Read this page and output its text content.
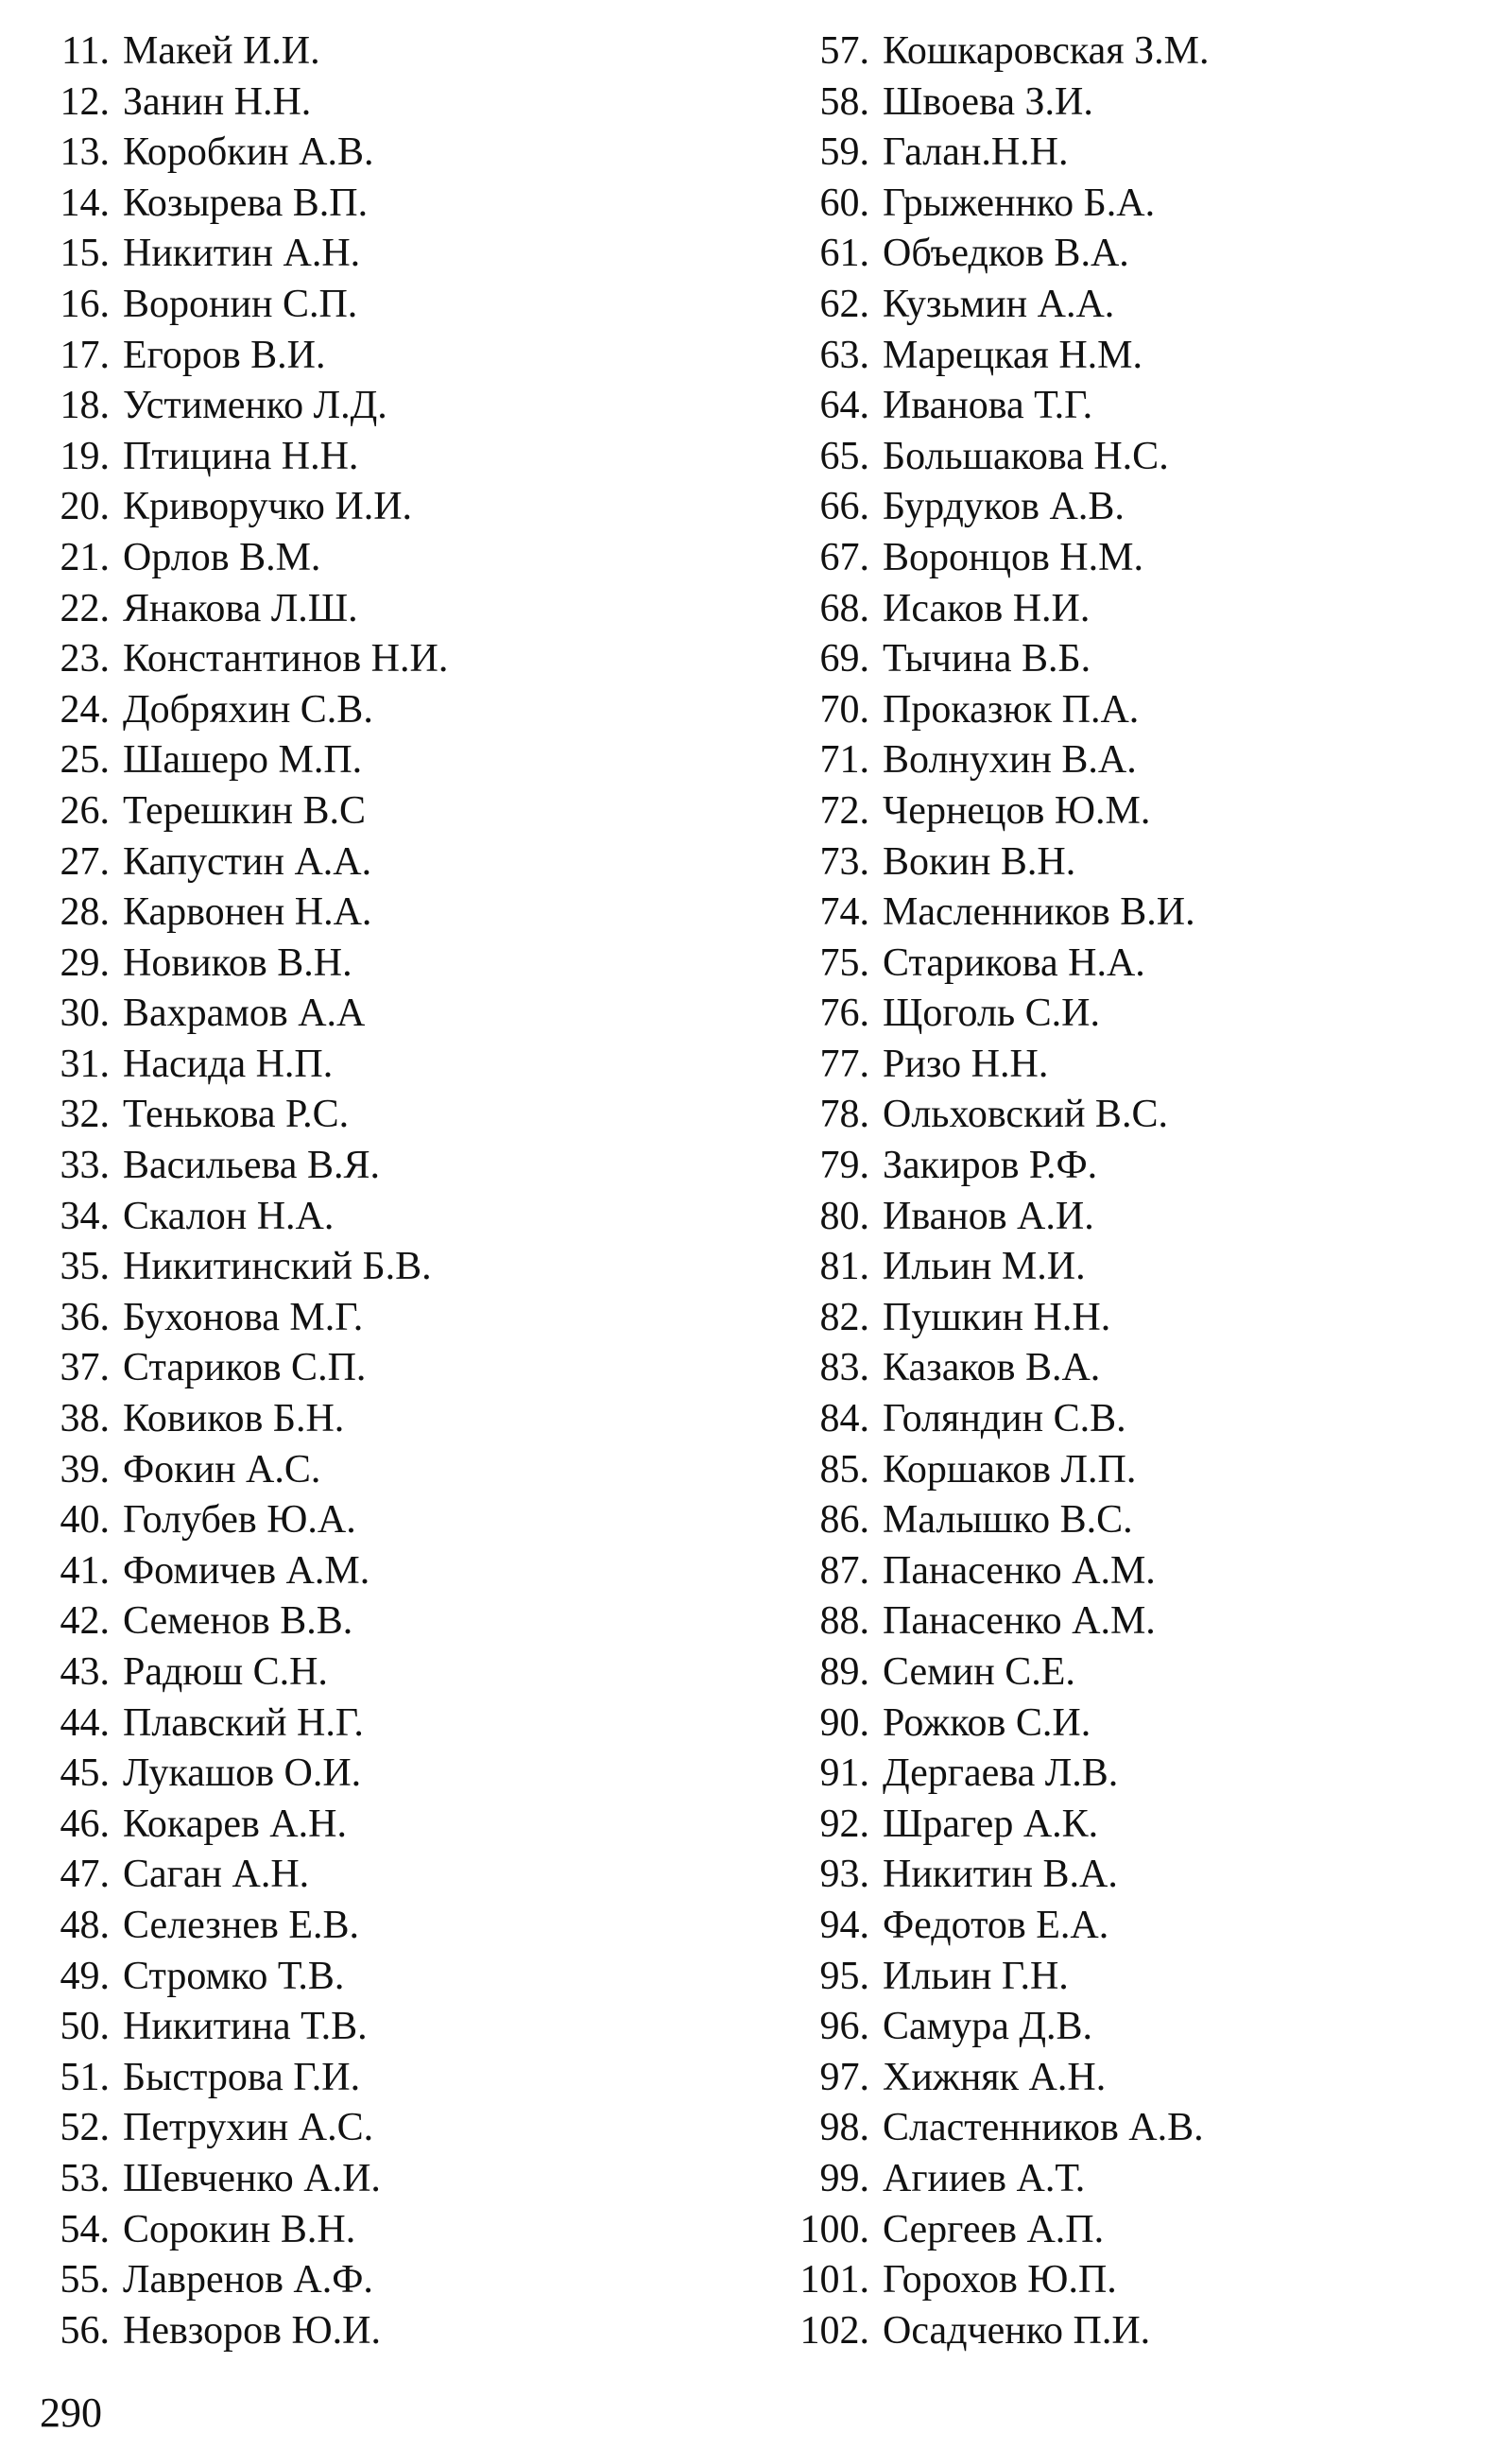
11. Макей И.И.
12. Занин Н.Н.
13. Коробкин А.В.
14. Козырева В.П.
15. Никитин А.Н.
16. Воронин С.П.
17. Егоров В.И.
18. Устименко Л.Д.
19. Птицина Н.Н.
20. Криворучко И.И.
21. Орлов В.М.
22. Янакова Л.Ш.
23. Константинов Н.И.
24. Добряхин С.В.
25. Шашеро М.П.
26. Терешкин В.С
27. Капустин А.А.
28. Карвонен Н.А.
29. Новиков В.Н.
30. Вахрамов А.А
31. Насида Н.П.
32. Тенькова Р.С.
33. Васильева В.Я.
34. Скалон Н.А.
35. Никитинский Б.В.
36. Бухонова М.Г.
37. Стариков С.П.
38. Ковиков Б.Н.
39. Фокин А.С.
40. Голубев Ю.А.
41. Фомичев А.М.
42. Семенов В.В.
43. Радюш С.Н.
44. Плавский Н.Г.
45. Лукашов О.И.
46. Кокарев А.Н.
47. Саган А.Н.
48. Селезнев Е.В.
49. Стромко Т.В.
50. Никитина Т.В.
51. Быстрова Г.И.
52. Петрухин А.С.
53. Шевченко А.И.
54. Сорокин В.Н.
55. Лавренов А.Ф.
56. Невзоров Ю.И.
57. Кошкаровская З.М.
58. Швоева З.И.
59. Галан.Н.Н.
60. Грыженнко Б.А.
61. Объедков В.А.
62. Кузьмин А.А.
63. Марецкая Н.М.
64. Иванова Т.Г.
65. Большакова Н.С.
66. Бурдуков А.В.
67. Воронцов Н.М.
68. Исаков Н.И.
69. Тычина В.Б.
70. Проказюк П.А.
71. Волнухин В.А.
72. Чернецов Ю.М.
73. Вокин В.Н.
74. Масленников В.И.
75. Старикова Н.А.
76. Щоголь С.И.
77. Ризо Н.Н.
78. Ольховский В.С.
79. Закиров Р.Ф.
80. Иванов А.И.
81. Ильин М.И.
82. Пушкин Н.Н.
83. Казаков В.А.
84. Голяндин С.В.
85. Коршаков Л.П.
86. Малышко В.С.
87. Панасенко А.М.
88. Панасенко А.М.
89. Семин С.Е.
90. Рожков С.И.
91. Дергаева Л.В.
92. Шрагер А.К.
93. Никитин В.А.
94. Федотов Е.А.
95. Ильин Г.Н.
96. Самура Д.В.
97. Хижняк А.Н.
98. Сластенников А.В.
99. Агииев А.Т.
100. Сергеев А.П.
101. Горохов Ю.П.
102. Осадченко П.И.
290
